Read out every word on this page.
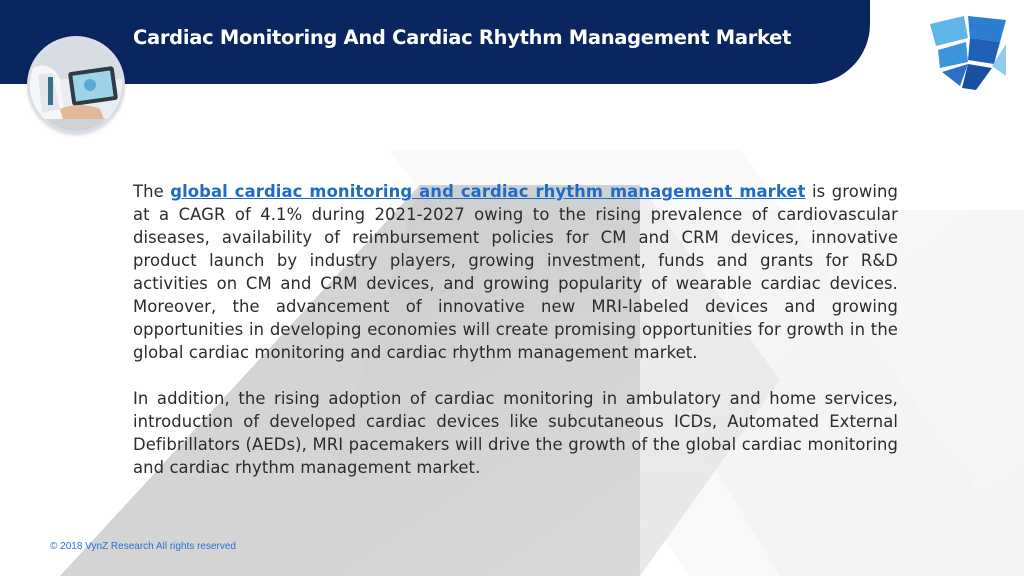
Cardiac Monitoring And Cardiac Rhythm Management Market

The global cardiac monitoring and cardiac rhythm management market is growing at a CAGR of 4.1% during 2021-2027 owing to the rising prevalence of cardiovascular diseases, availability of reimbursement policies for CM and CRM devices, innovative product launch by industry players, growing investment, funds and grants for R&D activities on CM and CRM devices, and growing popularity of wearable cardiac devices. Moreover, the advancement of innovative new MRI-labeled devices and growing opportunities in developing economies will create promising opportunities for growth in the global cardiac monitoring and cardiac rhythm management market.

In addition, the rising adoption of cardiac monitoring in ambulatory and home services, introduction of developed cardiac devices like subcutaneous ICDs, Automated External Defibrillators (AEDs), MRI pacemakers will drive the growth of the global cardiac monitoring and cardiac rhythm management market.

© 2018 VynZ Research All rights reserved
